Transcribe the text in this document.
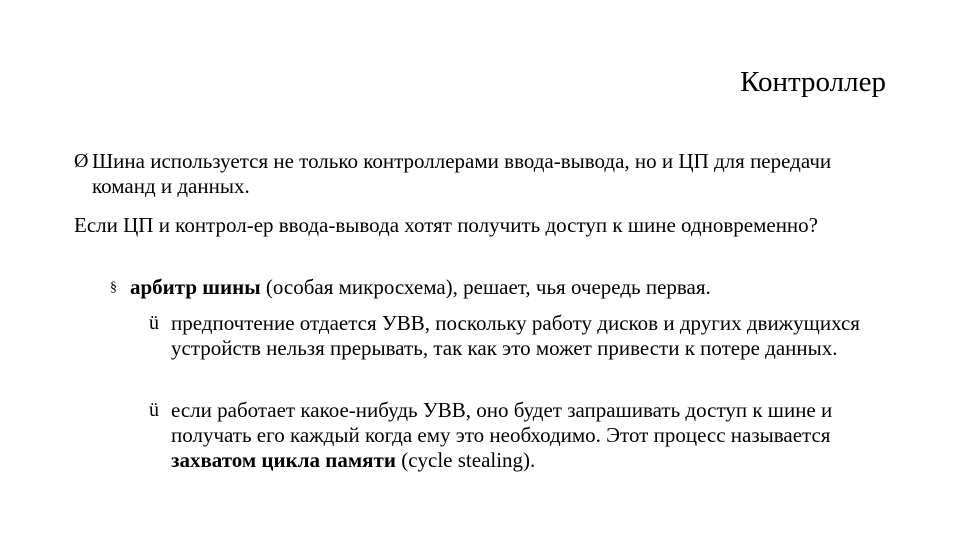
Контроллер
Ø Шина используется не только контроллерами ввода-вывода, но и ЦП для передачи команд и данных.
Если ЦП и контрол-ер ввода-вывода хотят получить доступ к шине одновременно?
§ арбитр шины (особая микросхема), решает, чья очередь первая.
ü предпочтение отдается УВВ, поскольку работу дисков и других движущихся устройств нельзя прерывать, так как это может привести к потере данных.
ü если работает какое-нибудь УВВ, оно будет запрашивать доступ к шине и получать его каждый когда ему это необходимо. Этот процесс называется захватом цикла памяти (cycle stealing).
